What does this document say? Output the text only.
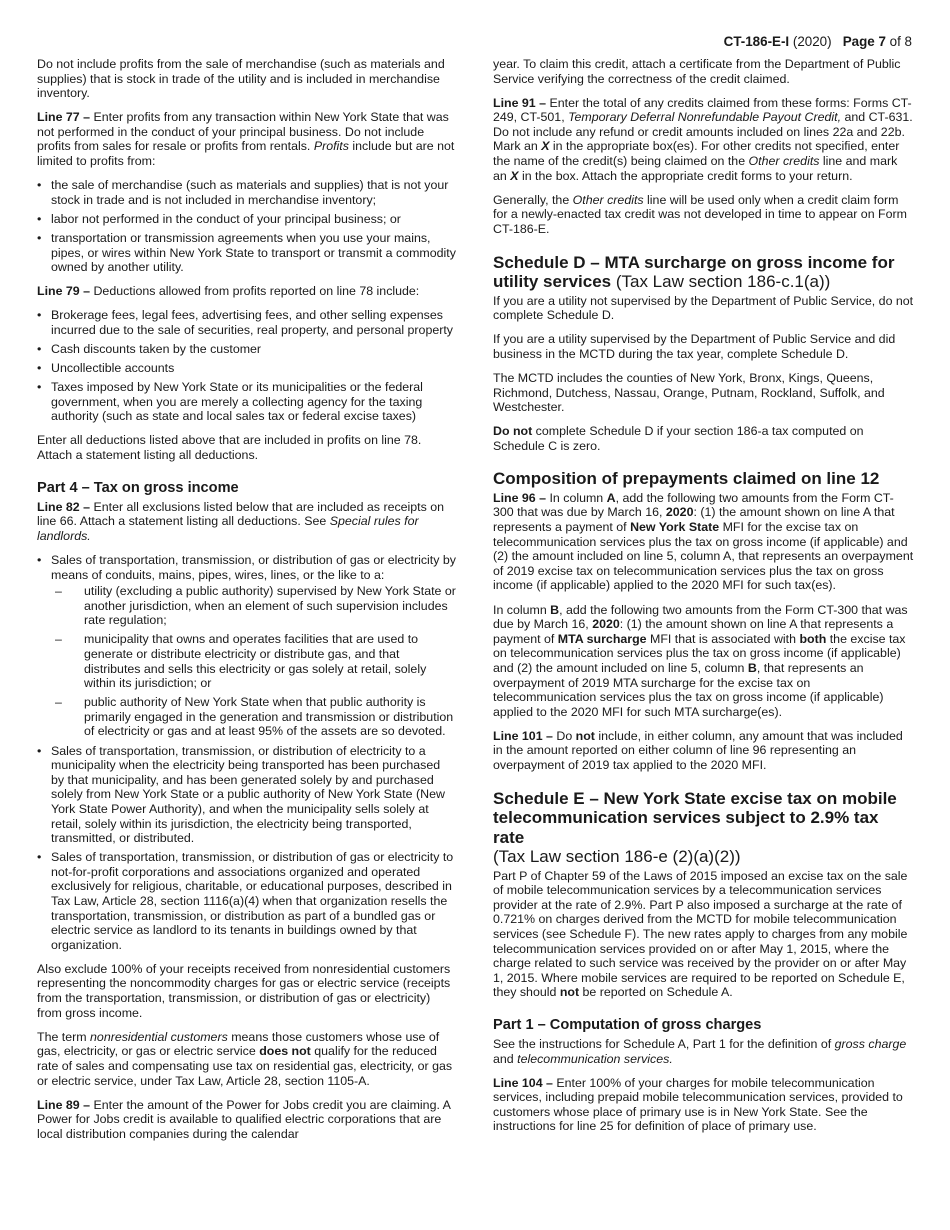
CT-186-E-I (2020) Page 7 of 8

Do not include profits from the sale of merchandise (such as materials and supplies) that is stock in trade of the utility and is included in merchandise inventory.

Line 77 – Enter profits from any transaction within New York State that was not performed in the conduct of your principal business. Do not include profits from sales for resale or profits from rentals. Profits include but are not limited to profits from:

• the sale of merchandise (such as materials and supplies) that is not your stock in trade and is not included in merchandise inventory;
• labor not performed in the conduct of your principal business; or
• transportation or transmission agreements when you use your mains, pipes, or wires within New York State to transport or transmit a commodity owned by another utility.

Line 79 – Deductions allowed from profits reported on line 78 include:

• Brokerage fees, legal fees, advertising fees, and other selling expenses incurred due to the sale of securities, real property, and personal property
• Cash discounts taken by the customer
• Uncollectible accounts
• Taxes imposed by New York State or its municipalities or the federal government, when you are merely a collecting agency for the taxing authority (such as state and local sales tax or federal excise taxes)

Enter all deductions listed above that are included in profits on line 78. Attach a statement listing all deductions.

Part 4 – Tax on gross income

Line 82 – Enter all exclusions listed below that are included as receipts on line 66. Attach a statement listing all deductions. See Special rules for landlords.

• Sales of transportation, transmission, or distribution of gas or electricity by means of conduits, mains, pipes, wires, lines, or the like to a:
– utility (excluding a public authority) supervised by New York State or another jurisdiction, when an element of such supervision includes rate regulation;
– municipality that owns and operates facilities that are used to generate or distribute electricity or distribute gas, and that distributes and sells this electricity or gas solely at retail, solely within its jurisdiction; or
– public authority of New York State when that public authority is primarily engaged in the generation and transmission or distribution of electricity or gas and at least 95% of the assets are so devoted.
• Sales of transportation, transmission, or distribution of electricity to a municipality when the electricity being transported has been purchased by that municipality, and has been generated solely by and purchased solely from New York State or a public authority of New York State (New York State Power Authority), and when the municipality sells solely at retail, solely within its jurisdiction, the electricity being transported, transmitted, or distributed.
• Sales of transportation, transmission, or distribution of gas or electricity to not-for-profit corporations and associations organized and operated exclusively for religious, charitable, or educational purposes, described in Tax Law, Article 28, section 1116(a)(4) when that organization resells the transportation, transmission, or distribution as part of a bundled gas or electric service as landlord to its tenants in buildings owned by that organization.

Also exclude 100% of your receipts received from nonresidential customers representing the noncommodity charges for gas or electric service (receipts from the transportation, transmission, or distribution of gas or electricity) from gross income.

The term nonresidential customers means those customers whose use of gas, electricity, or gas or electric service does not qualify for the reduced rate of sales and compensating use tax on residential gas, electricity, or gas or electric service, under Tax Law, Article 28, section 1105-A.

Line 89 – Enter the amount of the Power for Jobs credit you are claiming. A Power for Jobs credit is available to qualified electric corporations that are local distribution companies during the calendar

year. To claim this credit, attach a certificate from the Department of Public Service verifying the correctness of the credit claimed.

Line 91 – Enter the total of any credits claimed from these forms: Forms CT-249, CT-501, Temporary Deferral Nonrefundable Payout Credit, and CT-631. Do not include any refund or credit amounts included on lines 22a and 22b. Mark an X in the appropriate box(es). For other credits not specified, enter the name of the credit(s) being claimed on the Other credits line and mark an X in the box. Attach the appropriate credit forms to your return.

Generally, the Other credits line will be used only when a credit claim form for a newly-enacted tax credit was not developed in time to appear on Form CT-186-E.

Schedule D – MTA surcharge on gross income for utility services (Tax Law section 186-c.1(a))

If you are a utility not supervised by the Department of Public Service, do not complete Schedule D.

If you are a utility supervised by the Department of Public Service and did business in the MCTD during the tax year, complete Schedule D.

The MCTD includes the counties of New York, Bronx, Kings, Queens, Richmond, Dutchess, Nassau, Orange, Putnam, Rockland, Suffolk, and Westchester.

Do not complete Schedule D if your section 186-a tax computed on Schedule C is zero.

Composition of prepayments claimed on line 12

Line 96 – In column A, add the following two amounts from the Form CT-300 that was due by March 16, 2020: (1) the amount shown on line A that represents a payment of New York State MFI for the excise tax on telecommunication services plus the tax on gross income (if applicable) and (2) the amount included on line 5, column A, that represents an overpayment of 2019 excise tax on telecommunication services plus the tax on gross income (if applicable) applied to the 2020 MFI for such tax(es).

In column B, add the following two amounts from the Form CT-300 that was due by March 16, 2020: (1) the amount shown on line A that represents a payment of MTA surcharge MFI that is associated with both the excise tax on telecommunication services plus the tax on gross income (if applicable) and (2) the amount included on line 5, column B, that represents an overpayment of 2019 MTA surcharge for the excise tax on telecommunication services plus the tax on gross income (if applicable) applied to the 2020 MFI for such MTA surcharge(es).

Line 101 – Do not include, in either column, any amount that was included in the amount reported on either column of line 96 representing an overpayment of 2019 tax applied to the 2020 MFI.

Schedule E – New York State excise tax on mobile telecommunication services subject to 2.9% tax rate
(Tax Law section 186-e (2)(a)(2))

Part P of Chapter 59 of the Laws of 2015 imposed an excise tax on the sale of mobile telecommunication services by a telecommunication services provider at the rate of 2.9%. Part P also imposed a surcharge at the rate of 0.721% on charges derived from the MCTD for mobile telecommunication services (see Schedule F). The new rates apply to charges from any mobile telecommunication services provided on or after May 1, 2015, where the charge related to such service was received by the provider on or after May 1, 2015. Where mobile services are required to be reported on Schedule E, they should not be reported on Schedule A.

Part 1 – Computation of gross charges

See the instructions for Schedule A, Part 1 for the definition of gross charge and telecommunication services.

Line 104 – Enter 100% of your charges for mobile telecommunication services, including prepaid mobile telecommunication services, provided to customers whose place of primary use is in New York State. See the instructions for line 25 for definition of place of primary use.
